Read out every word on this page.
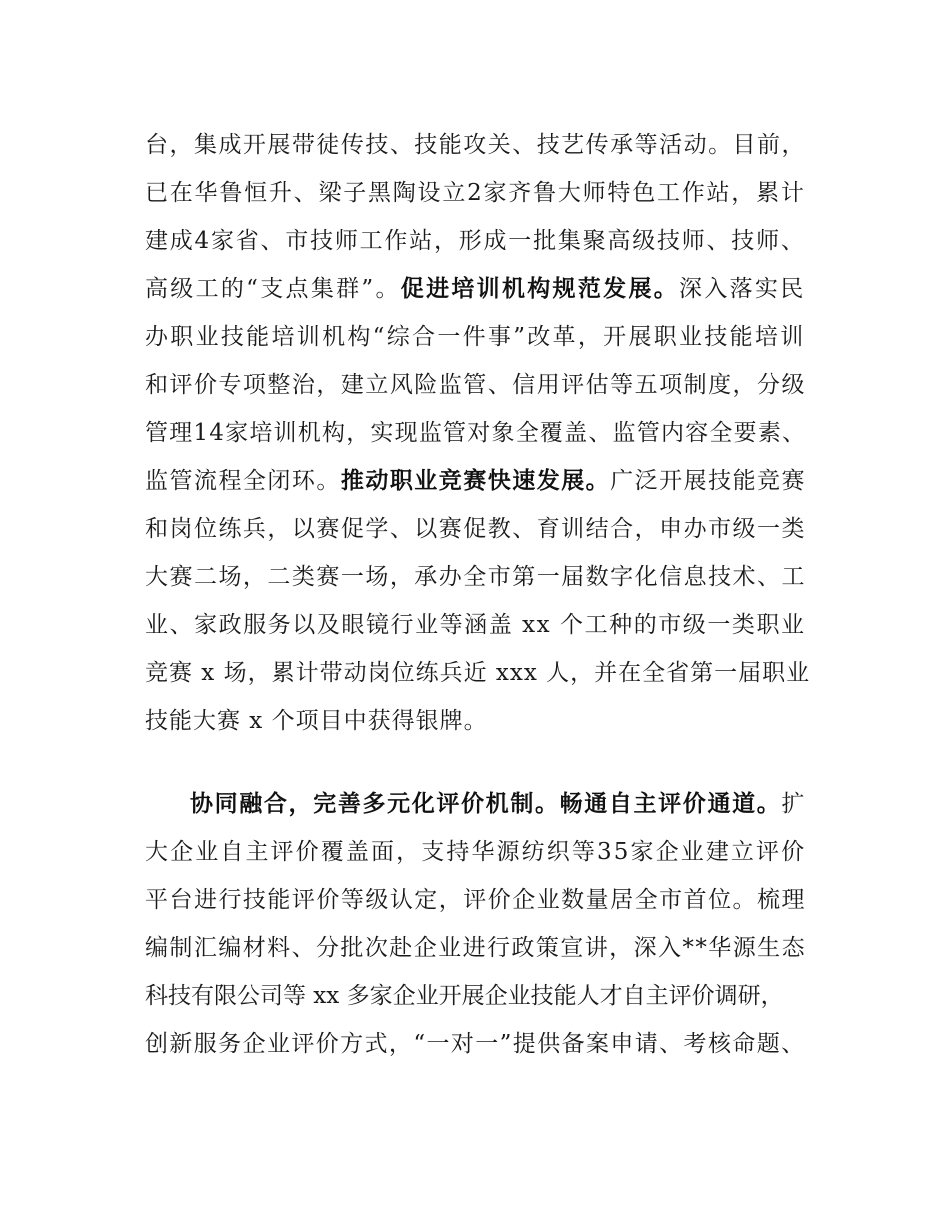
台，集成开展带徒传技、技能攻关、技艺传承等活动。目前，
已在华鲁恒升、梁子黑陶设立2家齐鲁大师特色工作站，累计
建成4家省、市技师工作站，形成一批集聚高级技师、技师、
高级工的“支点集群”。促进培训机构规范发展。深入落实民
办职业技能培训机构“综合一件事”改革，开展职业技能培训
和评价专项整治，建立风险监管、信用评估等五项制度，分级
管理14家培训机构，实现监管对象全覆盖、监管内容全要素、
监管流程全闭环。推动职业竞赛快速发展。广泛开展技能竞赛
和岗位练兵，以赛促学、以赛促教、育训结合，申办市级一类
大赛二场，二类赛一场，承办全市第一届数字化信息技术、工
业、家政服务以及眼镜行业等涵盖 xx 个工种的市级一类职业
竞赛 x 场，累计带动岗位练兵近 xxx 人，并在全省第一届职业
技能大赛 x 个项目中获得银牌。
协同融合，完善多元化评价机制。畅通自主评价通道。扩
大企业自主评价覆盖面，支持华源纺织等35家企业建立评价
平台进行技能评价等级认定，评价企业数量居全市首位。梳理
编制汇编材料、分批次赴企业进行政策宣讲，深入**华源生态
科技有限公司等 xx 多家企业开展企业技能人才自主评价调研，
创新服务企业评价方式，“一对一”提供备案申请、考核命题、
